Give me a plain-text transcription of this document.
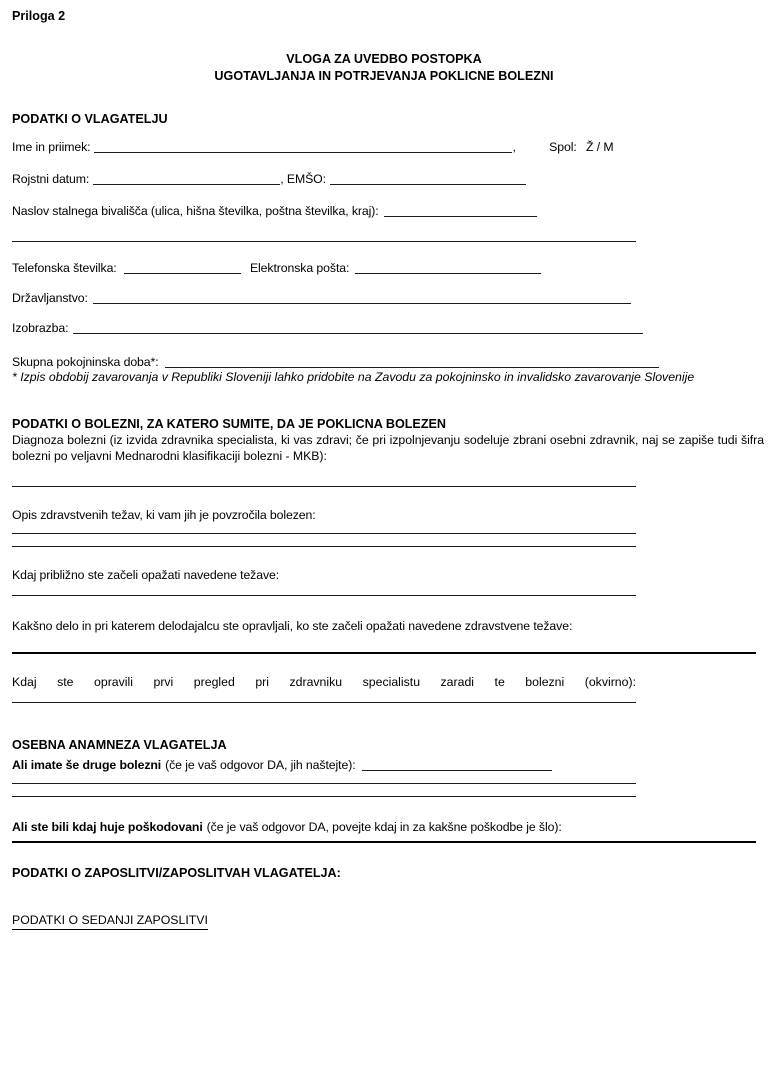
Priloga 2
VLOGA ZA UVEDBO POSTOPKA
UGOTAVLJANJA IN POTRJEVANJA POKLICNE BOLEZNI
PODATKI O VLAGATELJU
Ime in priimek:	,	Spol: Ž / M
Rojstni datum:	, EMŠO:
Naslov stalnega bivališča (ulica, hišna številka, poštna številka, kraj):
Telefonska številka:	Elektronska pošta:
Državljanstvo:
Izobrazba:
Skupna pokojninska doba*:
* Izpis obdobij zavarovanja v Republiki Sloveniji lahko pridobite na Zavodu za pokojninsko in invalidsko zavarovanje Slovenije
PODATKI O BOLEZNI, ZA KATERO SUMITE, DA JE POKLICNA BOLEZEN
Diagnoza bolezni (iz izvida zdravnika specialista, ki vas zdravi; če pri izpolnjevanju sodeluje zbrani osebni zdravnik, naj se zapiše tudi šifra bolezni po veljavni Mednarodni klasifikaciji bolezni - MKB):
Opis zdravstvenih težav, ki vam jih je povzročila bolezen:
Kdaj približno ste začeli opažati navedene težave:
Kakšno delo in pri katerem delodajalcu ste opravljali, ko ste začeli opažati navedene zdravstvene težave:
Kdaj ste opravili prvi pregled pri zdravniku specialistu zaradi te bolezni (okvirno):
OSEBNA ANAMNEZA VLAGATELJA
Ali imate še druge bolezni (če je vaš odgovor DA, jih naštejte):
Ali ste bili kdaj huje poškodovani (če je vaš odgovor DA, povejte kdaj in za kakšne poškodbe je šlo):
PODATKI O ZAPOSLITVI/ZAPOSLITVAH VLAGATELJA:
PODATKI O SEDANJI ZAPOSLITVI
